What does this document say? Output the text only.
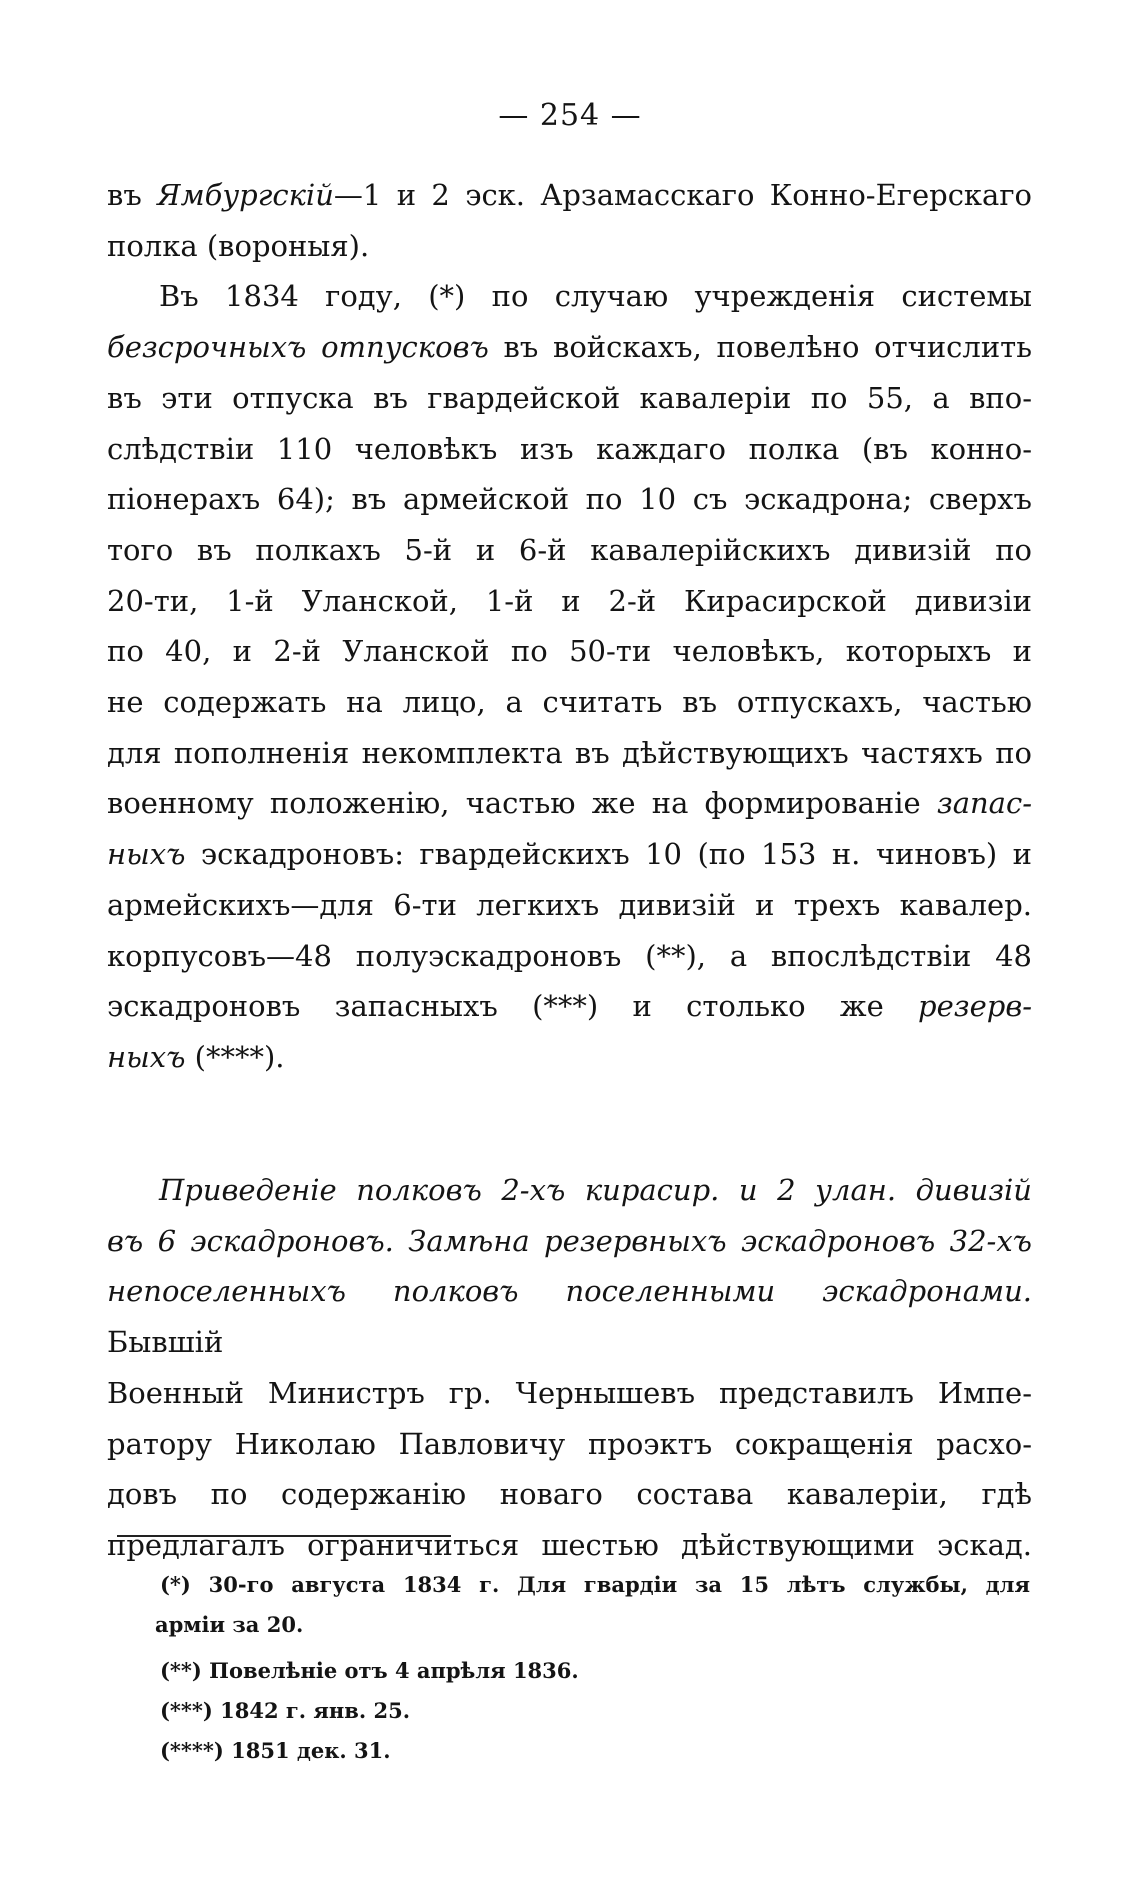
— 254 —
въ Ямбургскій—1 и 2 эск. Арзамасскаго Конно-Егерскаго
полка (вороныя).
Въ 1834 году, (*) по случаю учрежденія системы
безсрочныхъ отпусковъ въ войскахъ, повелѣно отчислить
въ эти отпуска въ гвардейской кавалеріи по 55, а впо-
слѣдствіи 110 человѣкъ изъ каждаго полка (въ конно-
піонерахъ 64); въ армейской по 10 съ эскадрона; сверхъ
того въ полкахъ 5-й и 6-й кавалерійскихъ дивизій по
20-ти, 1-й Уланской, 1-й и 2-й Кирасирской дивизіи
по 40, и 2-й Уланской по 50-ти человѣкъ, которыхъ и
не содержать на лицо, а считать въ отпускахъ, частью
для пополненія некомплекта въ дѣйствующихъ частяхъ по
военному положенію, частью же на формированіе запас-
ныхъ эскадроновъ: гвардейскихъ 10 (по 153 н. чиновъ) и
армейскихъ—для 6-ти легкихъ дивизій и трехъ кавалер.
корпусовъ—48 полуэскадроновъ (**), а впослѣдствіи 48
эскадроновъ запасныхъ (***) и столько же резерв-
ныхъ (****).
Приведеніе полковъ 2-хъ кирасир. и 2 улан. дивизій
въ 6 эскадроновъ. Замѣна резервныхъ эскадроновъ 32-хъ
непоселенныхъ полковъ поселенными эскадронами. Бывшій
Военный Министръ гр. Чернышевъ представилъ Импе-
ратору Николаю Павловичу проэктъ сокращенія расхо-
довъ по содержанію новаго состава кавалеріи, гдѣ
предлагалъ ограничиться шестью дѣйствующими эскад.
(*) 30-го августа 1834 г. Для гвардіи за 15 лѣтъ службы, для
арміи за 20.
(**) Повелѣніе отъ 4 апрѣля 1836.
(***) 1842 г. янв. 25.
(****) 1851 дек. 31.
